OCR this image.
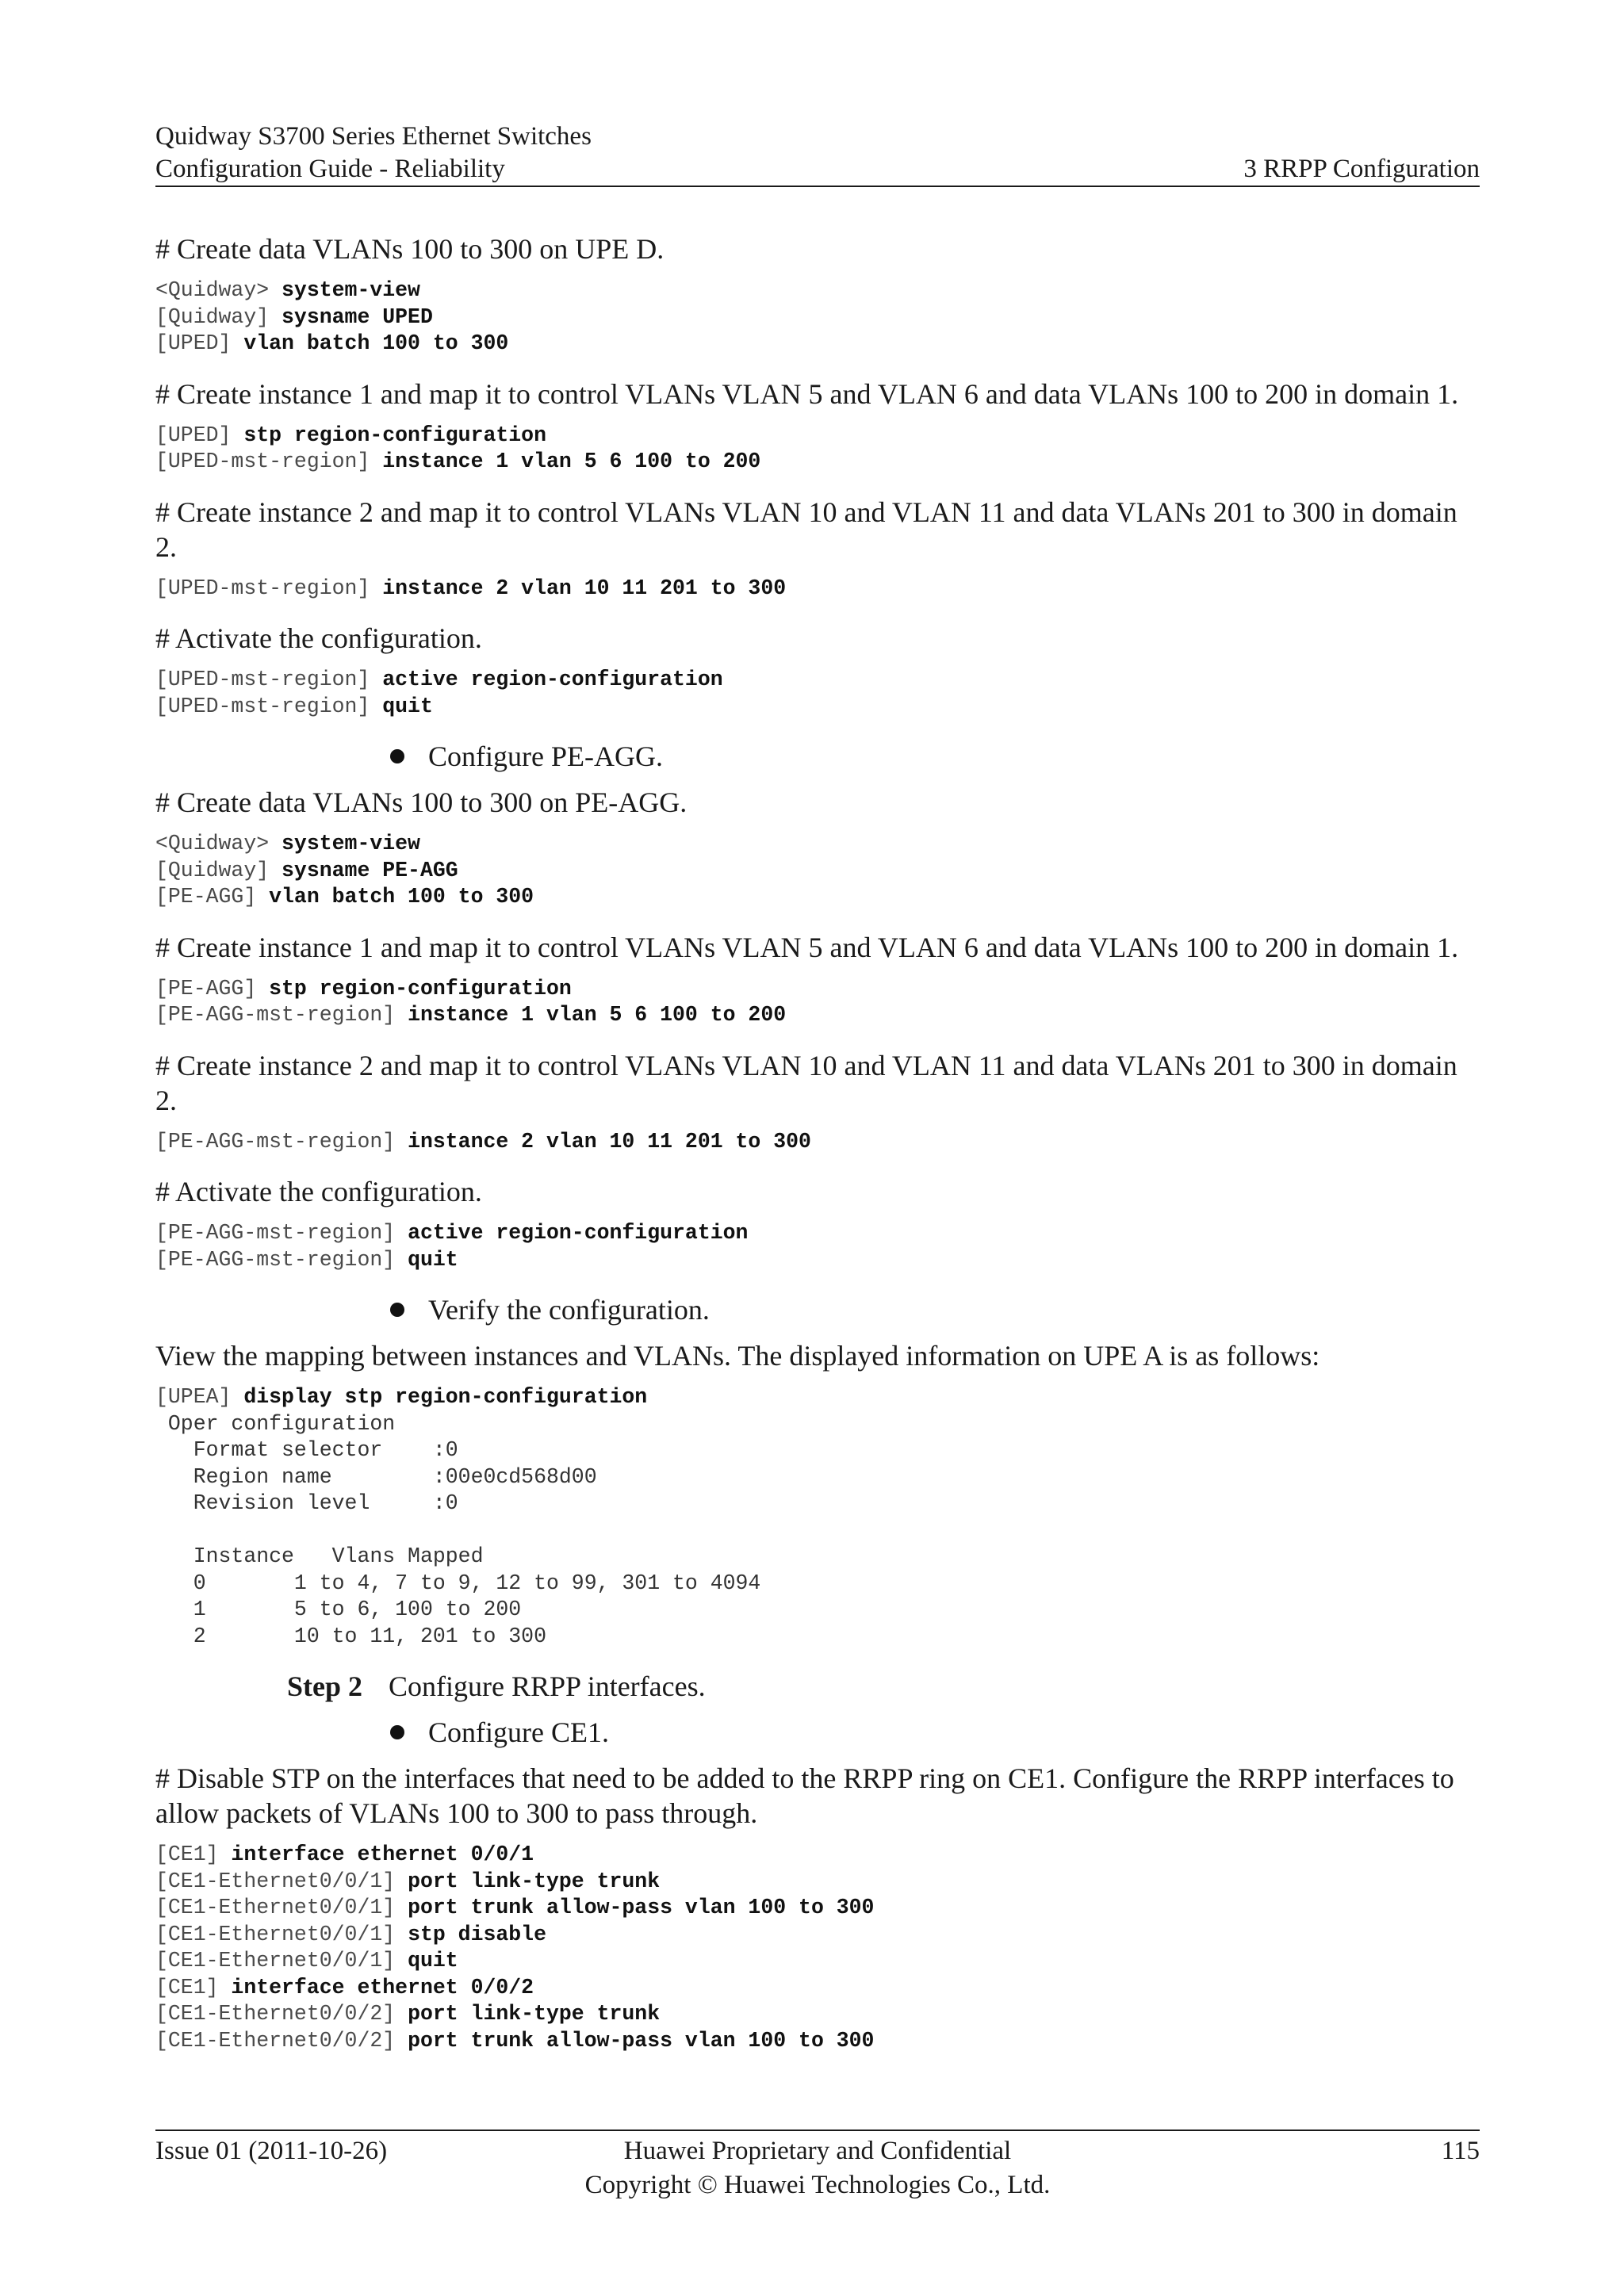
Quidway S3700 Series Ethernet Switches
Configuration Guide - Reliability	3 RRPP Configuration
# Create data VLANs 100 to 300 on UPE D.
<Quidway> system-view
[Quidway] sysname UPED
[UPED] vlan batch 100 to 300
# Create instance 1 and map it to control VLANs VLAN 5 and VLAN 6 and data VLANs 100 to 200 in domain 1.
[UPED] stp region-configuration
[UPED-mst-region] instance 1 vlan 5 6 100 to 200
# Create instance 2 and map it to control VLANs VLAN 10 and VLAN 11 and data VLANs 201 to 300 in domain 2.
[UPED-mst-region] instance 2 vlan 10 11 201 to 300
# Activate the configuration.
[UPED-mst-region] active region-configuration
[UPED-mst-region] quit
Configure PE-AGG.
# Create data VLANs 100 to 300 on PE-AGG.
<Quidway> system-view
[Quidway] sysname PE-AGG
[PE-AGG] vlan batch 100 to 300
# Create instance 1 and map it to control VLANs VLAN 5 and VLAN 6 and data VLANs 100 to 200 in domain 1.
[PE-AGG] stp region-configuration
[PE-AGG-mst-region] instance 1 vlan 5 6 100 to 200
# Create instance 2 and map it to control VLANs VLAN 10 and VLAN 11 and data VLANs 201 to 300 in domain 2.
[PE-AGG-mst-region] instance 2 vlan 10 11 201 to 300
# Activate the configuration.
[PE-AGG-mst-region] active region-configuration
[PE-AGG-mst-region] quit
Verify the configuration.
View the mapping between instances and VLANs. The displayed information on UPE A is as follows:
[UPEA] display stp region-configuration
Oper configuration
Format selector    :0
Region name        :00e0cd568d00
Revision level     :0
Instance   Vlans Mapped
0       1 to 4, 7 to 9, 12 to 99, 301 to 4094
1       5 to 6, 100 to 200
2       10 to 11, 201 to 300
Step 2 Configure RRPP interfaces.
Configure CE1.
# Disable STP on the interfaces that need to be added to the RRPP ring on CE1. Configure the RRPP interfaces to allow packets of VLANs 100 to 300 to pass through.
[CE1] interface ethernet 0/0/1
[CE1-Ethernet0/0/1] port link-type trunk
[CE1-Ethernet0/0/1] port trunk allow-pass vlan 100 to 300
[CE1-Ethernet0/0/1] stp disable
[CE1-Ethernet0/0/1] quit
[CE1] interface ethernet 0/0/2
[CE1-Ethernet0/0/2] port link-type trunk
[CE1-Ethernet0/0/2] port trunk allow-pass vlan 100 to 300
Issue 01 (2011-10-26)	Huawei Proprietary and Confidential
Copyright © Huawei Technologies Co., Ltd.
115
